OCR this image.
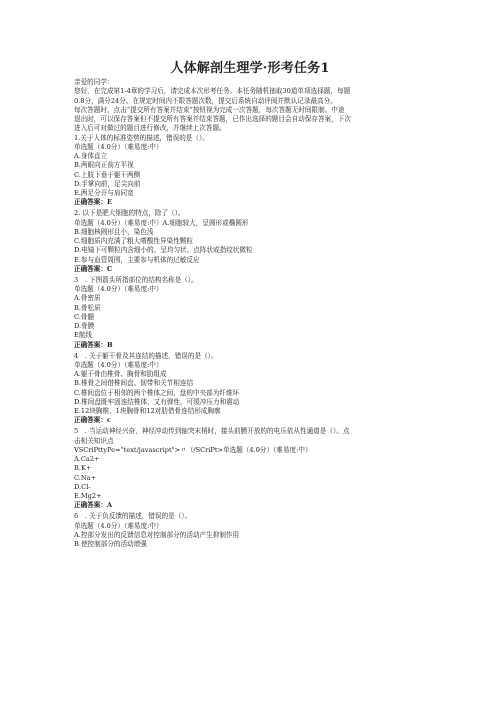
人体解剖生理学·形考任务1
亲爱的同学：
您好，在完成第1-4章的学习后，请完成本次形考任务。本任务随机抽取30道单项选择题，每题
0.8分，满分24分。在规定时间内不限答题次数，提交后系统自动评阅并默认记录最高分。
每次答题时，点击“提交所有答案并结束”按钮视为完成一次答题，每次答题无时间限制。中途
退出时，可以保存答案但不提交所有答案并结束答题，已作出选择的题目会自动保存答案，下次
进入后可对做过的题目进行修改，并继续上次答题。
1.关于人体的标准姿势的描述，错误的是（）。
单选题（4.0分）（难易度:中）
A.身体直立
B.两眼向正前方平视
C.上肢下垂于躯干两侧
D.手掌向前，足尖向前
E.两足分开与肩同宽
正确答案：E
2. 以下是肥大细胞的特点，除了（）。
单选题（4.0分）（难易度:中）A.细胞较大，呈圆形或椭圆形
B.细胞核圆形且小，染色浅
C.细胞质内充满了粗大嗜酸性异染性颗粒
D.电镜下可颗粒内含细小的、呈均匀状、点阵状或指纹状微粒
E.参与血管周围，主要参与机体的过敏反应
正确答案：C
3　. 下图箭头所指部位的结构名称是（）。
单选题（4.0分）（难易度:中）
A.骨密质
B.骨松质
C.骨髓
D.骨膜
E航线
正确答案：B
4　. 关于躯干骨及其连结的描述，错误的是（）。
单选题（4.0分）（难易度:中）
A.躯干骨由椎骨、胸骨和肋组成
B.椎骨之间借椎间盘、韧带和关节相连结
C.椎间盘位于相邻的两个椎体之间，盘的中央部为纤维环
D.椎间盘既牢固连结椎体，又有弹性，可缓冲压力和震动
E.12块胸椎、1块胸骨和12对肋借骨连结形成胸廓
正确答案：c
5　. 当运动神经兴奋，神经冲动传到轴突末梢时，接头前膜开放的的电压依从性通道是（）。点
击相关知识点
VSCriPttyPe="text∕javascript">〃（/SCriPt>单选题（4.0分）（难易度:中）
A.Ca2+
B.K+
C.Na+
D.Cl-
E.Mg2+
正确答案：A
6　. 关于负反馈的描述，错误的是（）。
单选题（4.0分）（难易度:中）
A.控部分发出的反馈信息对控制部分的活动产生抑制作用
B.使控制部分的活动增强
